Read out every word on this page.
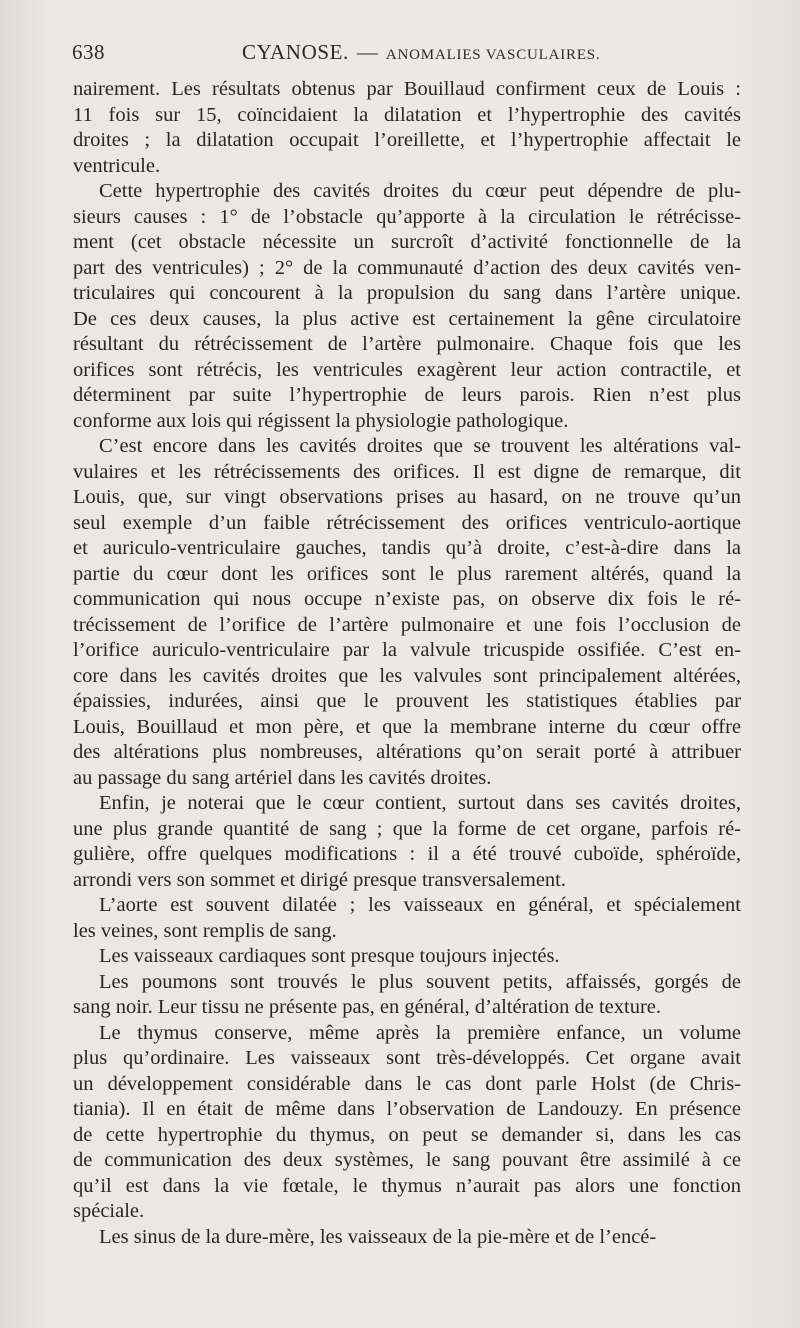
638	CYANOSE. — ANOMALIES VASCULAIRES.
nairement. Les résultats obtenus par Bouillaud confirment ceux de Louis :
11 fois sur 15, coïncidaient la dilatation et l’hypertrophie des cavités
droites ; la dilatation occupait l’oreillette, et l’hypertrophie affectait le
ventricule.
Cette hypertrophie des cavités droites du cœur peut dépendre de plu-
sieurs causes : 1° de l’obstacle qu’apporte à la circulation le rétrécisse-
ment (cet obstacle nécessite un surcroît d’activité fonctionnelle de la
part des ventricules) ; 2° de la communauté d’action des deux cavités ven-
triculaires qui concourent à la propulsion du sang dans l’artère unique.
De ces deux causes, la plus active est certainement la gêne circulatoire
résultant du rétrécissement de l’artère pulmonaire. Chaque fois que les
orifices sont rétrécis, les ventricules exagèrent leur action contractile, et
déterminent par suite l’hypertrophie de leurs parois. Rien n’est plus
conforme aux lois qui régissent la physiologie pathologique.
C’est encore dans les cavités droites que se trouvent les altérations val-
vulaires et les rétrécissements des orifices. Il est digne de remarque, dit
Louis, que, sur vingt observations prises au hasard, on ne trouve qu’un
seul exemple d’un faible rétrécissement des orifices ventriculo-aortique
et auriculo-ventriculaire gauches, tandis qu’à droite, c’est-à-dire dans la
partie du cœur dont les orifices sont le plus rarement altérés, quand la
communication qui nous occupe n’existe pas, on observe dix fois le ré-
trécissement de l’orifice de l’artère pulmonaire et une fois l’occlusion de
l’orifice auriculo-ventriculaire par la valvule tricuspide ossifiée. C’est en-
core dans les cavités droites que les valvules sont principalement altérées,
épaissies, indurées, ainsi que le prouvent les statistiques établies par
Louis, Bouillaud et mon père, et que la membrane interne du cœur offre
des altérations plus nombreuses, altérations qu’on serait porté à attribuer
au passage du sang artériel dans les cavités droites.
Enfin, je noterai que le cœur contient, surtout dans ses cavités droites,
une plus grande quantité de sang ; que la forme de cet organe, parfois ré-
gulière, offre quelques modifications : il a été trouvé cuboïde, sphéroïde,
arrondi vers son sommet et dirigé presque transversalement.
L’aorte est souvent dilatée ; les vaisseaux en général, et spécialement
les veines, sont remplis de sang.
Les vaisseaux cardiaques sont presque toujours injectés.
Les poumons sont trouvés le plus souvent petits, affaissés, gorgés de
sang noir. Leur tissu ne présente pas, en général, d’altération de texture.
Le thymus conserve, même après la première enfance, un volume
plus qu’ordinaire. Les vaisseaux sont très-développés. Cet organe avait
un développement considérable dans le cas dont parle Holst (de Chris-
tiania). Il en était de même dans l’observation de Landouzy. En présence
de cette hypertrophie du thymus, on peut se demander si, dans les cas
de communication des deux systèmes, le sang pouvant être assimilé à ce
qu’il est dans la vie fœtale, le thymus n’aurait pas alors une fonction
spéciale.
Les sinus de la dure-mère, les vaisseaux de la pie-mère et de l’encé-
